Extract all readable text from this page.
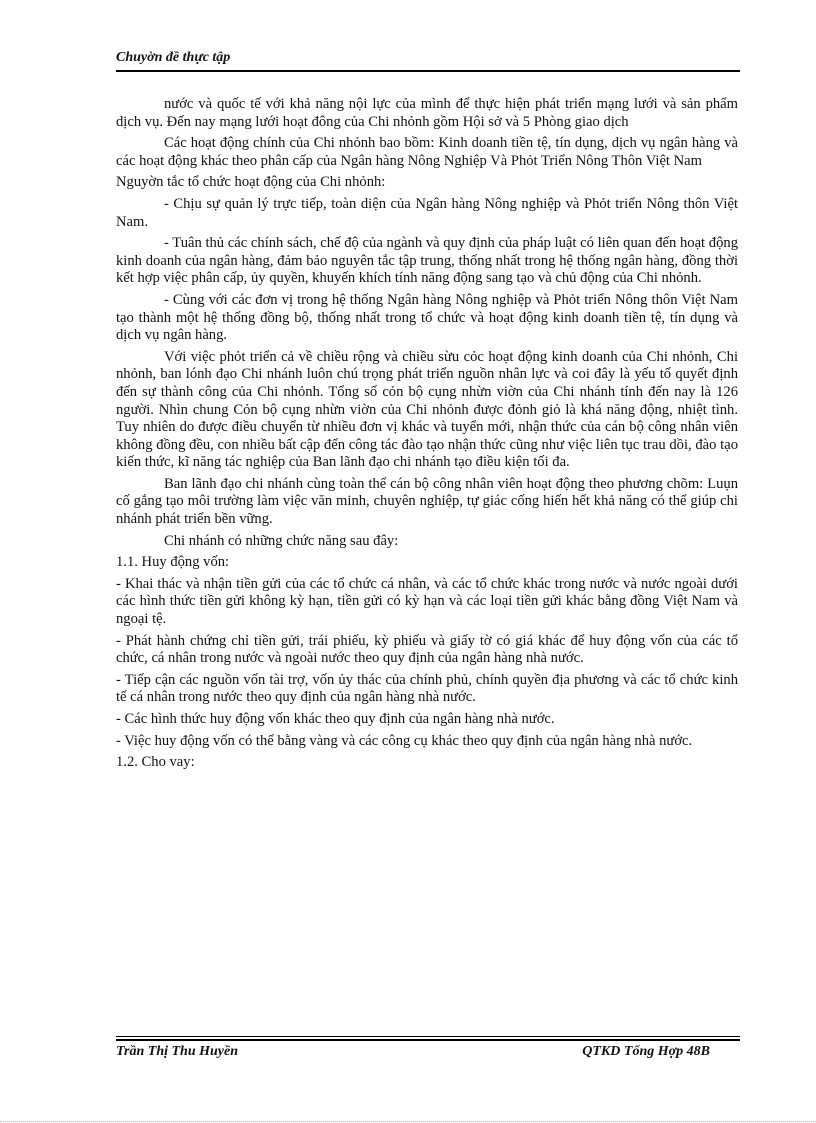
Chuyờn đề thực tập

nước và quốc tế với khả năng nội lực của mình để thực hiện phát triển mạng lưới và sản phẩm dịch vụ. Đến nay mạng lưới hoạt đông của Chi nhỏnh gồm Hội sở và 5 Phòng giao dịch

Các hoạt động chính của Chi nhỏnh bao bồm: Kinh doanh tiền tệ, tín dụng, dịch vụ ngân hàng và các hoạt động khác theo phân cấp của Ngân hàng Nông Nghiệp Và Phỏt Triển Nông Thôn Việt Nam

Nguyờn tắc tổ chức hoạt động của Chi nhỏnh:

- Chịu sự quản lý trực tiếp, toàn diện của Ngân hàng Nông nghiệp và Phỏt triển Nông thôn Việt Nam.

- Tuân thủ các chính sách, chế độ của ngành và quy định của pháp luật có liên quan đến hoạt động kinh doanh của ngân hàng, đảm bảo nguyên tắc tập trung, thống nhất trong hệ thống ngân hàng, đồng thời kết hợp việc phân cấp, ủy quyền, khuyến khích tính năng động sang tạo và chủ động của Chi nhỏnh.

- Cùng với các đơn vị trong hệ thống Ngân hàng Nông nghiệp và Phỏt triển Nông thôn Việt Nam tạo thành một hệ thống đồng bộ, thống nhất trong tổ chức và hoạt động kinh doanh tiền tệ, tín dụng và dịch vụ ngân hàng.

Với việc phỏt triển cả về chiều rộng và chiều sừu cỏc hoạt động kinh doanh của Chi nhỏnh, Chi nhỏnh, ban lónh đạo Chi nhánh luôn chú trọng phát triển nguồn nhân lực và coi đây là yếu tố quyết định đến sự thành công của Chi nhỏnh. Tổng số cỏn bộ cụng nhừn viờn của Chi nhánh tính đến nay là 126 người. Nhìn chung Cỏn bộ cụng nhừn viờn của Chi nhỏnh được đỏnh giỏ là khá năng động, nhiệt tình. Tuy nhiên do được điều chuyển từ nhiều đơn vị khác và tuyển mới, nhận thức của cán bộ công nhân viên không đồng đều, con nhiều bất cập đến công tác đào tạo nhận thức cũng như việc liên tục trau dồi, đào tạo kiến thức, kĩ năng tác nghiệp của Ban lãnh đạo chi nhánh tạo điều kiện tối đa.

Ban lãnh đạo chi nhánh cùng toàn thể cán bộ công nhân viên hoạt động theo phương chõm: Luụn cố gắng tạo môi trường làm việc văn minh, chuyên nghiệp, tự giác cống hiến hết khả năng có thể giúp chi nhánh phát triển bền vững.

Chi nhánh có những chức năng sau đây:

1.1. Huy động vốn:

- Khai thác và nhận tiền gửi của các tổ chức cá nhân, và các tổ chức khác trong nước và nước ngoài dưới các hình thức tiền gửi không kỳ hạn, tiền gửi có kỳ hạn và các loại tiền gửi khác bằng đồng Việt Nam và ngoại tệ.

- Phát hành chứng chỉ tiền gửi, trái phiếu, kỳ phiếu và giấy tờ có giá khác để huy động vốn của các tổ chức, cá nhân trong nước và ngoài nước theo quy định của ngân hàng nhà nước.

- Tiếp cận các nguồn vốn tài trợ, vốn ủy thác của chính phủ, chính quyền địa phương và các tổ chức kinh tế cá nhân trong nước theo quy định của ngân hàng nhà nước.

- Các hình thức huy động vốn khác theo quy định của ngân hàng nhà nước.

- Việc huy động vốn có thể bằng vàng và các công cụ khác theo quy định của ngân hàng nhà nước.

1.2. Cho vay:

Trần Thị Thu Huyền	QTKD Tổng Hợp 48B
